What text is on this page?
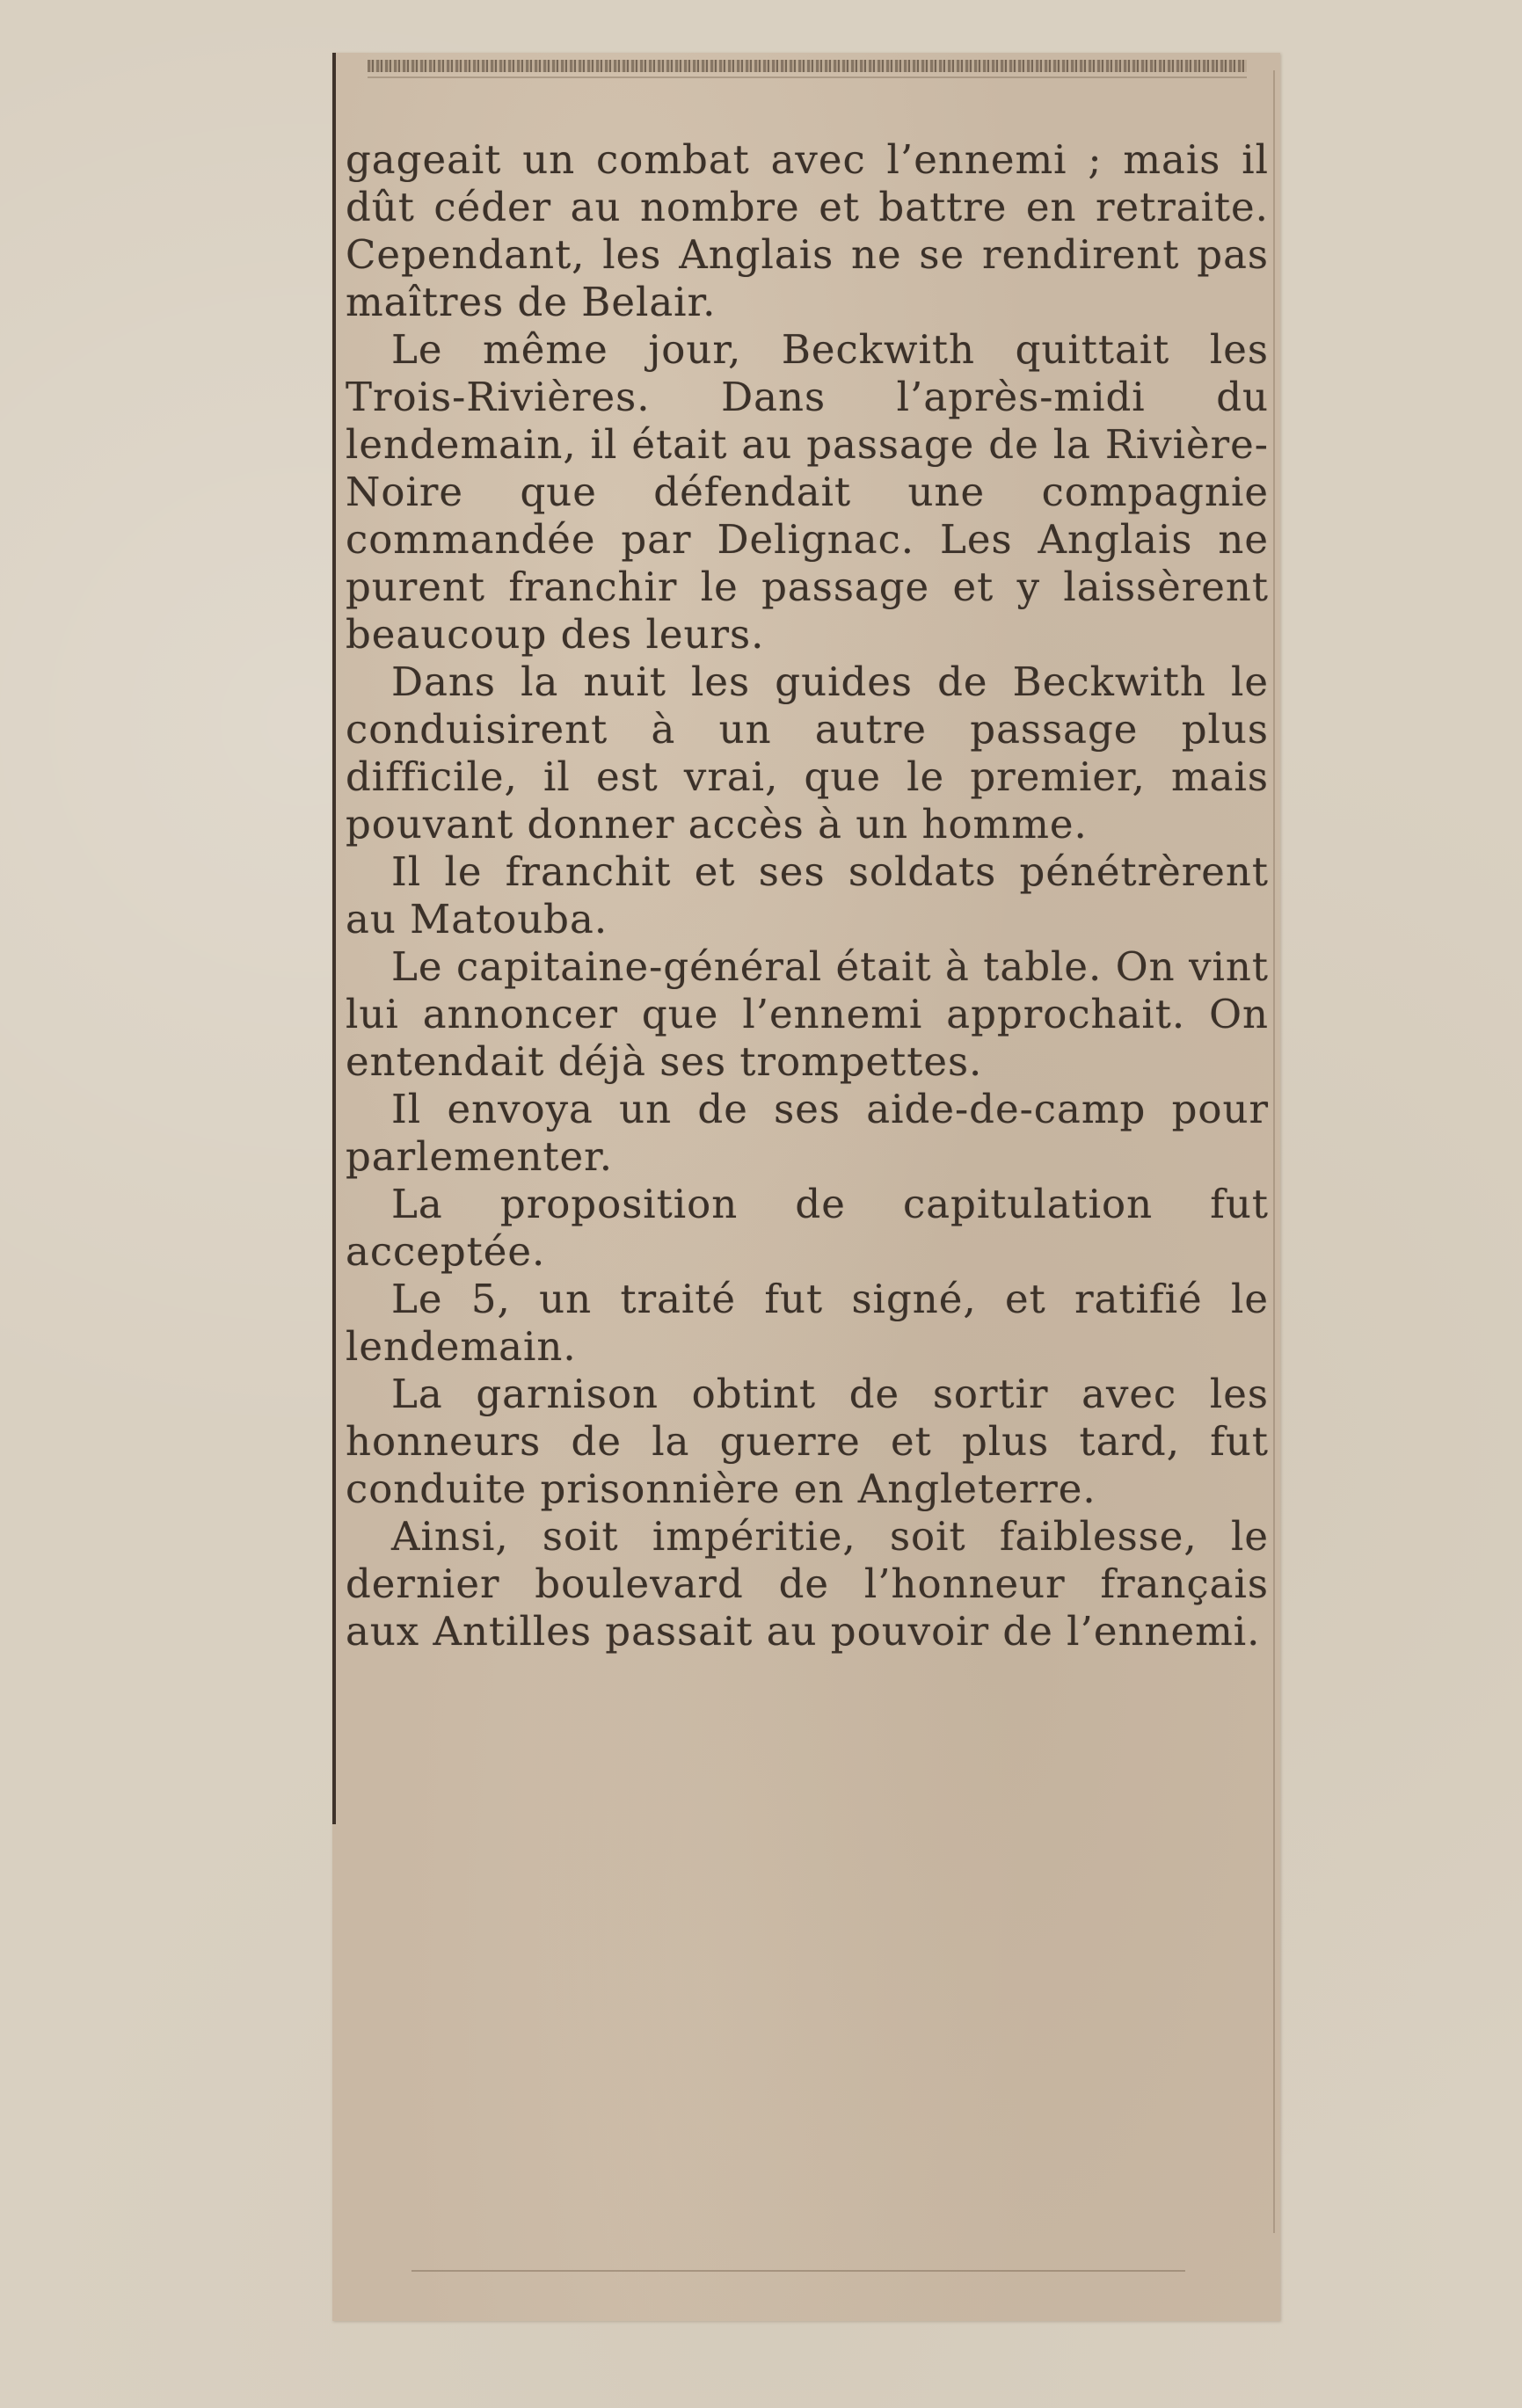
gageait un combat avec l’ennemi ; mais il dût céder au nombre et battre en retraite. Cependant, les Anglais ne se rendirent pas maîtres de Belair.

Le même jour, Beckwith quittait les Trois-Rivières. Dans l’après-midi du lendemain, il était au passage de la Rivière-Noire que défendait une compagnie commandée par Delignac. Les Anglais ne purent franchir le passage et y laissèrent beaucoup des leurs.

Dans la nuit les guides de Beckwith le conduisirent à un autre passage plus difficile, il est vrai, que le premier, mais pouvant donner accès à un homme.

Il le franchit et ses soldats pénétrèrent au Matouba.

Le capitaine-général était à table. On vint lui annoncer que l’ennemi approchait. On entendait déjà ses trompettes.

Il envoya un de ses aide-de-camp pour parlementer.

La proposition de capitulation fut acceptée.

Le 5, un traité fut signé, et ratifié le lendemain.

La garnison obtint de sortir avec les honneurs de la guerre et plus tard, fut conduite prisonnière en Angleterre.

Ainsi, soit impéritie, soit faiblesse, le dernier boulevard de l’honneur français aux Antilles passait au pouvoir de l’ennemi.
